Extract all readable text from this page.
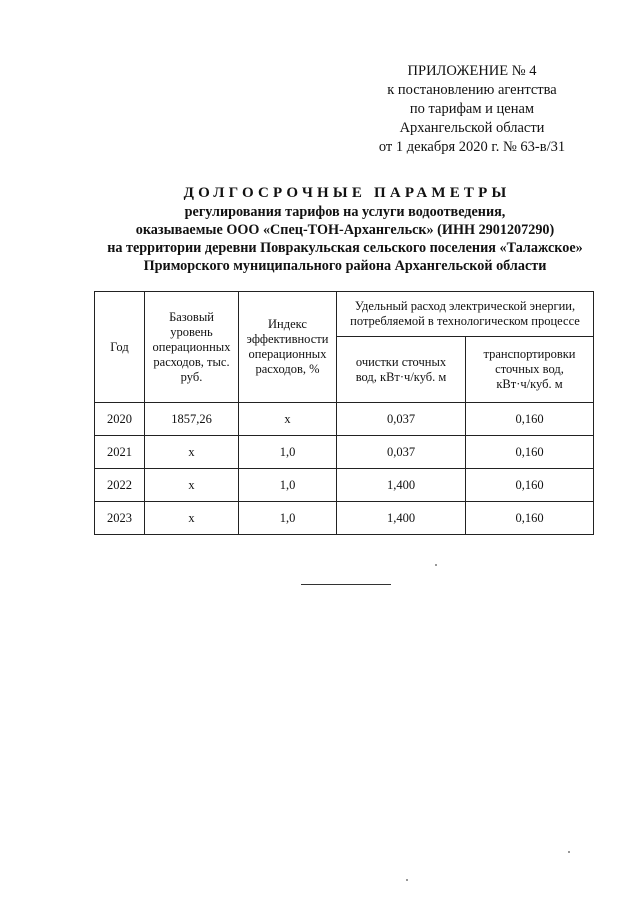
ПРИЛОЖЕНИЕ № 4
к постановлению агентства
по тарифам и ценам
Архангельской области
от 1 декабря 2020 г. № 63-в/31
ДОЛГОСРОЧНЫЕ ПАРАМЕТРЫ
регулирования тарифов на услуги водоотведения,
оказываемые ООО «Спец-ТОН-Архангельск» (ИНН 2901207290)
на территории деревни Повракульская сельского поселения «Талажское»
Приморского муниципального района Архангельской области
Год	Базовый уровень операционных расходов, тыс. руб.	Индекс эффективности операционных расходов, %	Удельный расход электрической энергии, потребляемой в технологическом процессе	
			очистки сточных вод, кВт·ч/куб. м	транспортировки сточных вод, кВт·ч/куб. м
2020	1857,26	x	0,037	0,160
2021	x	1,0	0,037	0,160
2022	x	1,0	1,400	0,160
2023	x	1,0	1,400	0,160
